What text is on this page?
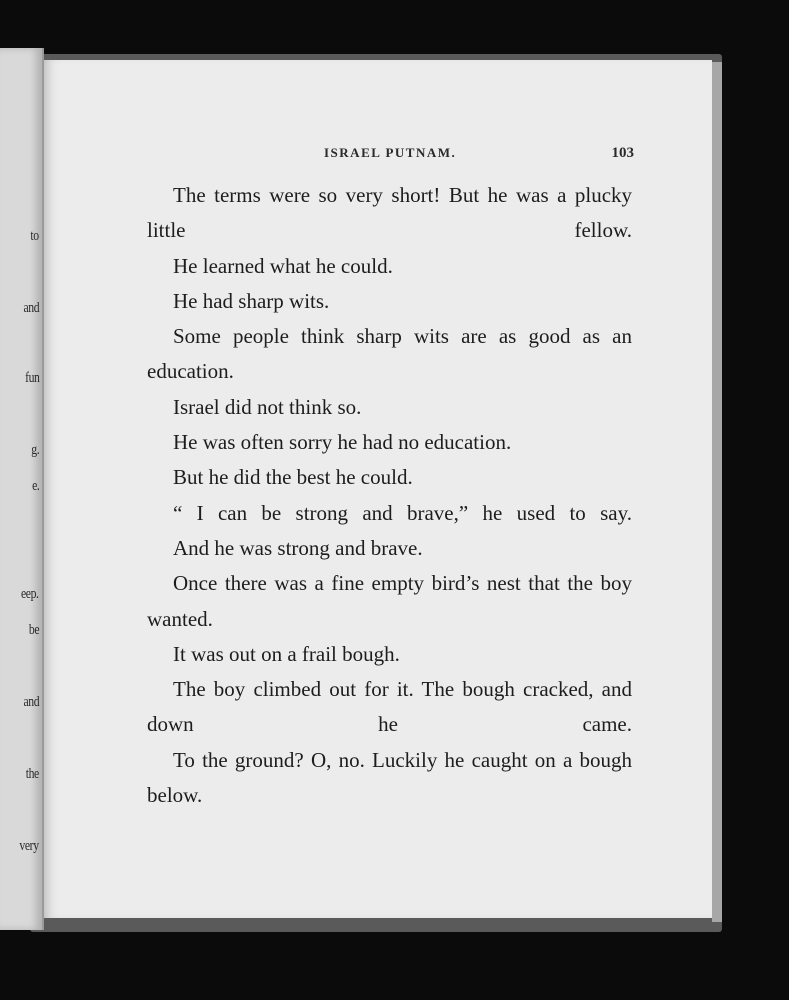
to
and
fun
g.
e.
eep.
be
and
the
very
ISRAEL PUTNAM.	103

The terms were so very short! But he was a plucky little fellow.

He learned what he could.

He had sharp wits.

Some people think sharp wits are as good as an education.

Israel did not think so.

He was often sorry he had no education.

But he did the best he could.

“ I can be strong and brave,” he used to say.

And he was strong and brave.

Once there was a fine empty bird’s nest that the boy wanted.

It was out on a frail bough.

The boy climbed out for it. The bough cracked, and down he came.

To the ground? O, no. Luckily he caught on a bough below.
